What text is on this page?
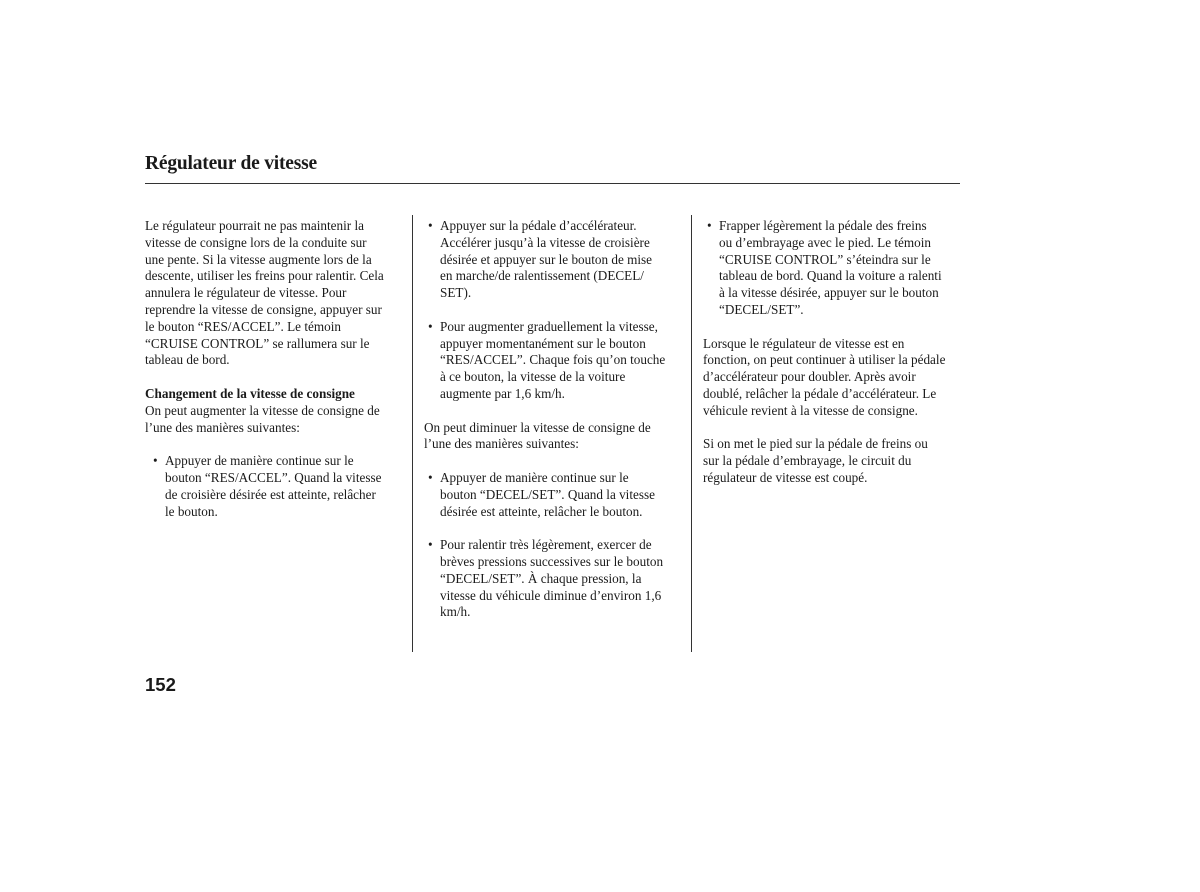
Régulateur de vitesse

Le régulateur pourrait ne pas maintenir la
vitesse de consigne lors de la conduite sur
une pente. Si la vitesse augmente lors de la
descente, utiliser les freins pour ralentir. Cela
annulera le régulateur de vitesse. Pour
reprendre la vitesse de consigne, appuyer sur
le bouton “RES/ACCEL”. Le témoin
“CRUISE CONTROL” se rallumera sur le
tableau de bord.

Changement de la vitesse de consigne
On peut augmenter la vitesse de consigne de
l’une des manières suivantes:

• Appuyer de manière continue sur le
bouton “RES/ACCEL”. Quand la vitesse
de croisière désirée est atteinte, relâcher
le bouton.
• Appuyer sur la pédale d’accélérateur.
Accélérer jusqu’à la vitesse de croisière
désirée et appuyer sur le bouton de mise
en marche/de ralentissement (DECEL/
SET).
• Pour augmenter graduellement la vitesse,
appuyer momentanément sur le bouton
“RES/ACCEL”. Chaque fois qu’on touche
à ce bouton, la vitesse de la voiture
augmente par 1,6 km/h.

On peut diminuer la vitesse de consigne de
l’une des manières suivantes:

• Appuyer de manière continue sur le
bouton “DECEL/SET”. Quand la vitesse
désirée est atteinte, relâcher le bouton.
• Pour ralentir très légèrement, exercer de
brèves pressions successives sur le bouton
“DECEL/SET”. À chaque pression, la
vitesse du véhicule diminue d’environ 1,6
km/h.
• Frapper légèrement la pédale des freins
ou d’embrayage avec le pied. Le témoin
“CRUISE CONTROL” s’éteindra sur le
tableau de bord. Quand la voiture a ralenti
à la vitesse désirée, appuyer sur le bouton
“DECEL/SET”.

Lorsque le régulateur de vitesse est en
fonction, on peut continuer à utiliser la pédale
d’accélérateur pour doubler. Après avoir
doublé, relâcher la pédale d’accélérateur. Le
véhicule revient à la vitesse de consigne.

Si on met le pied sur la pédale de freins ou
sur la pédale d’embrayage, le circuit du
régulateur de vitesse est coupé.

152
